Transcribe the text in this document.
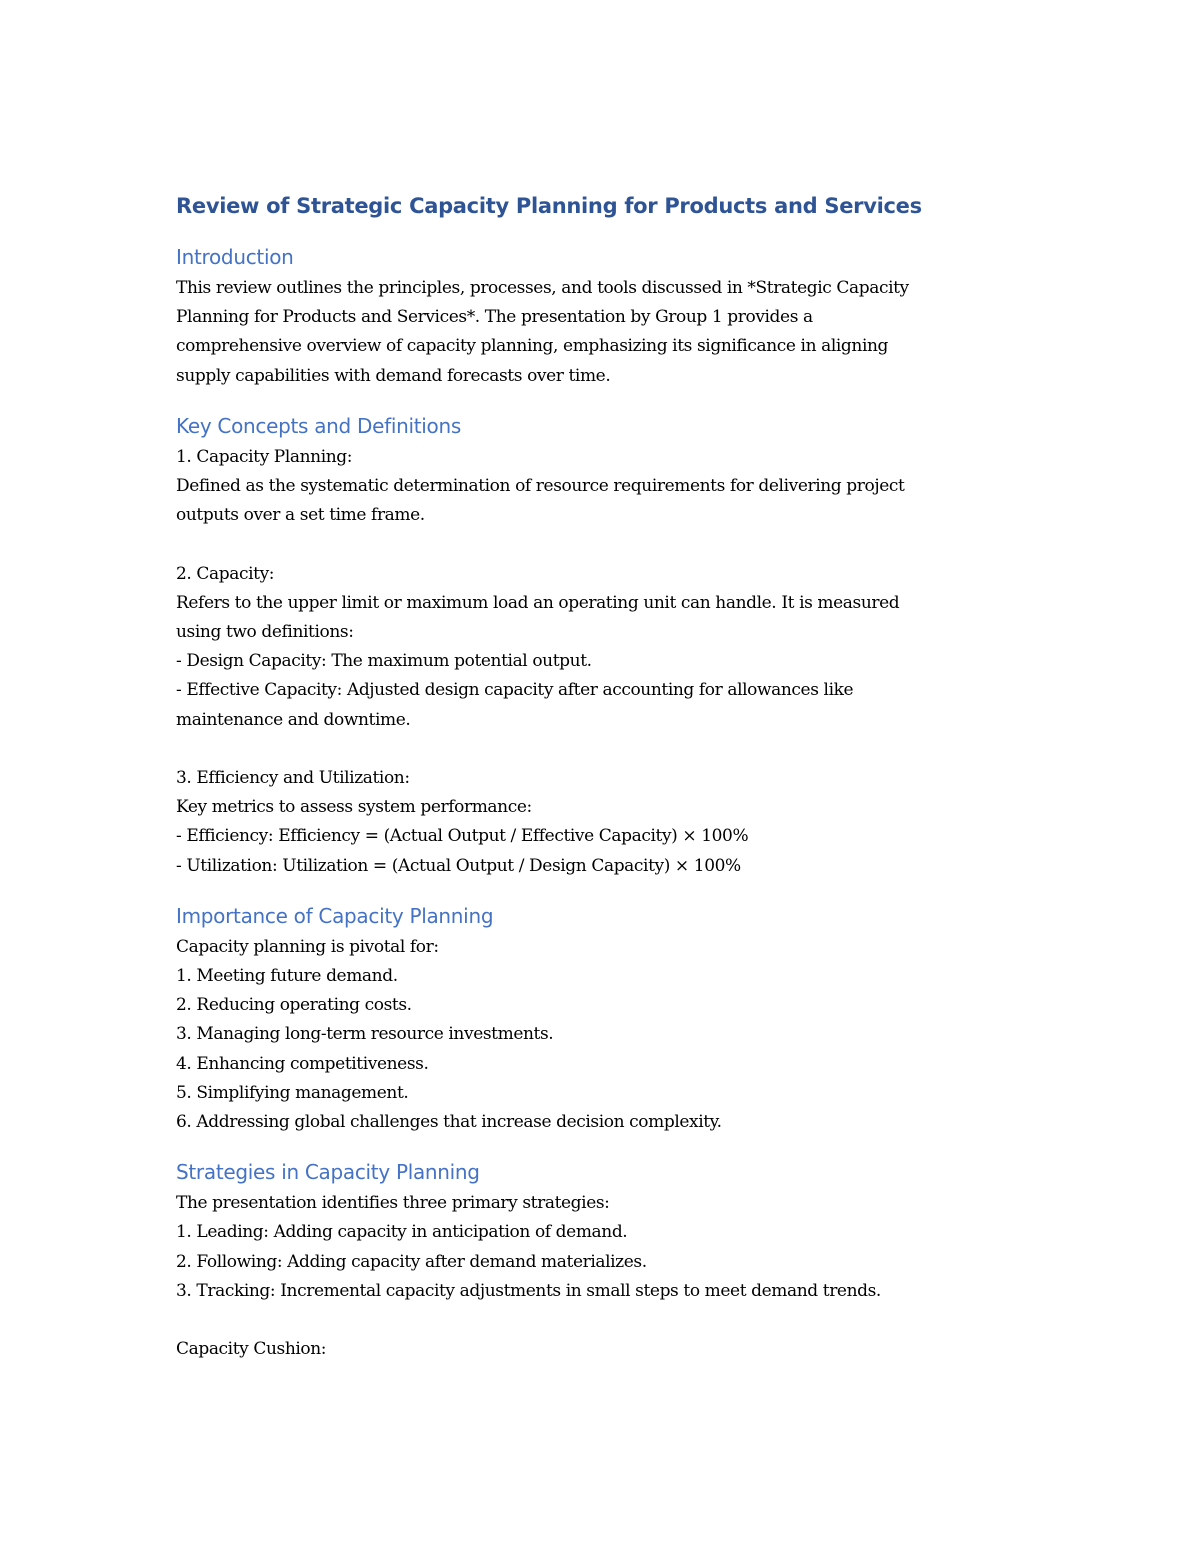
Review of Strategic Capacity Planning for Products and Services
Introduction

This review outlines the principles, processes, and tools discussed in *Strategic Capacity

Planning for Products and Services*. The presentation by Group 1 provides a

comprehensive overview of capacity planning, emphasizing its significance in aligning

supply capabilities with demand forecasts over time.

Key Concepts and Definitions

1. Capacity Planning:

Defined as the systematic determination of resource requirements for delivering project

outputs over a set time frame.

2. Capacity:

Refers to the upper limit or maximum load an operating unit can handle. It is measured

using two definitions:

- Design Capacity: The maximum potential output.

- Effective Capacity: Adjusted design capacity after accounting for allowances like

maintenance and downtime.

3. Efficiency and Utilization:

Key metrics to assess system performance:

- Efficiency: Efficiency = (Actual Output / Effective Capacity) × 100%

- Utilization: Utilization = (Actual Output / Design Capacity) × 100%

Importance of Capacity Planning

Capacity planning is pivotal for:

1. Meeting future demand.

2. Reducing operating costs.

3. Managing long-term resource investments.

4. Enhancing competitiveness.

5. Simplifying management.

6. Addressing global challenges that increase decision complexity.

Strategies in Capacity Planning

The presentation identifies three primary strategies:

1. Leading: Adding capacity in anticipation of demand.

2. Following: Adding capacity after demand materializes.

3. Tracking: Incremental capacity adjustments in small steps to meet demand trends.

Capacity Cushion:
